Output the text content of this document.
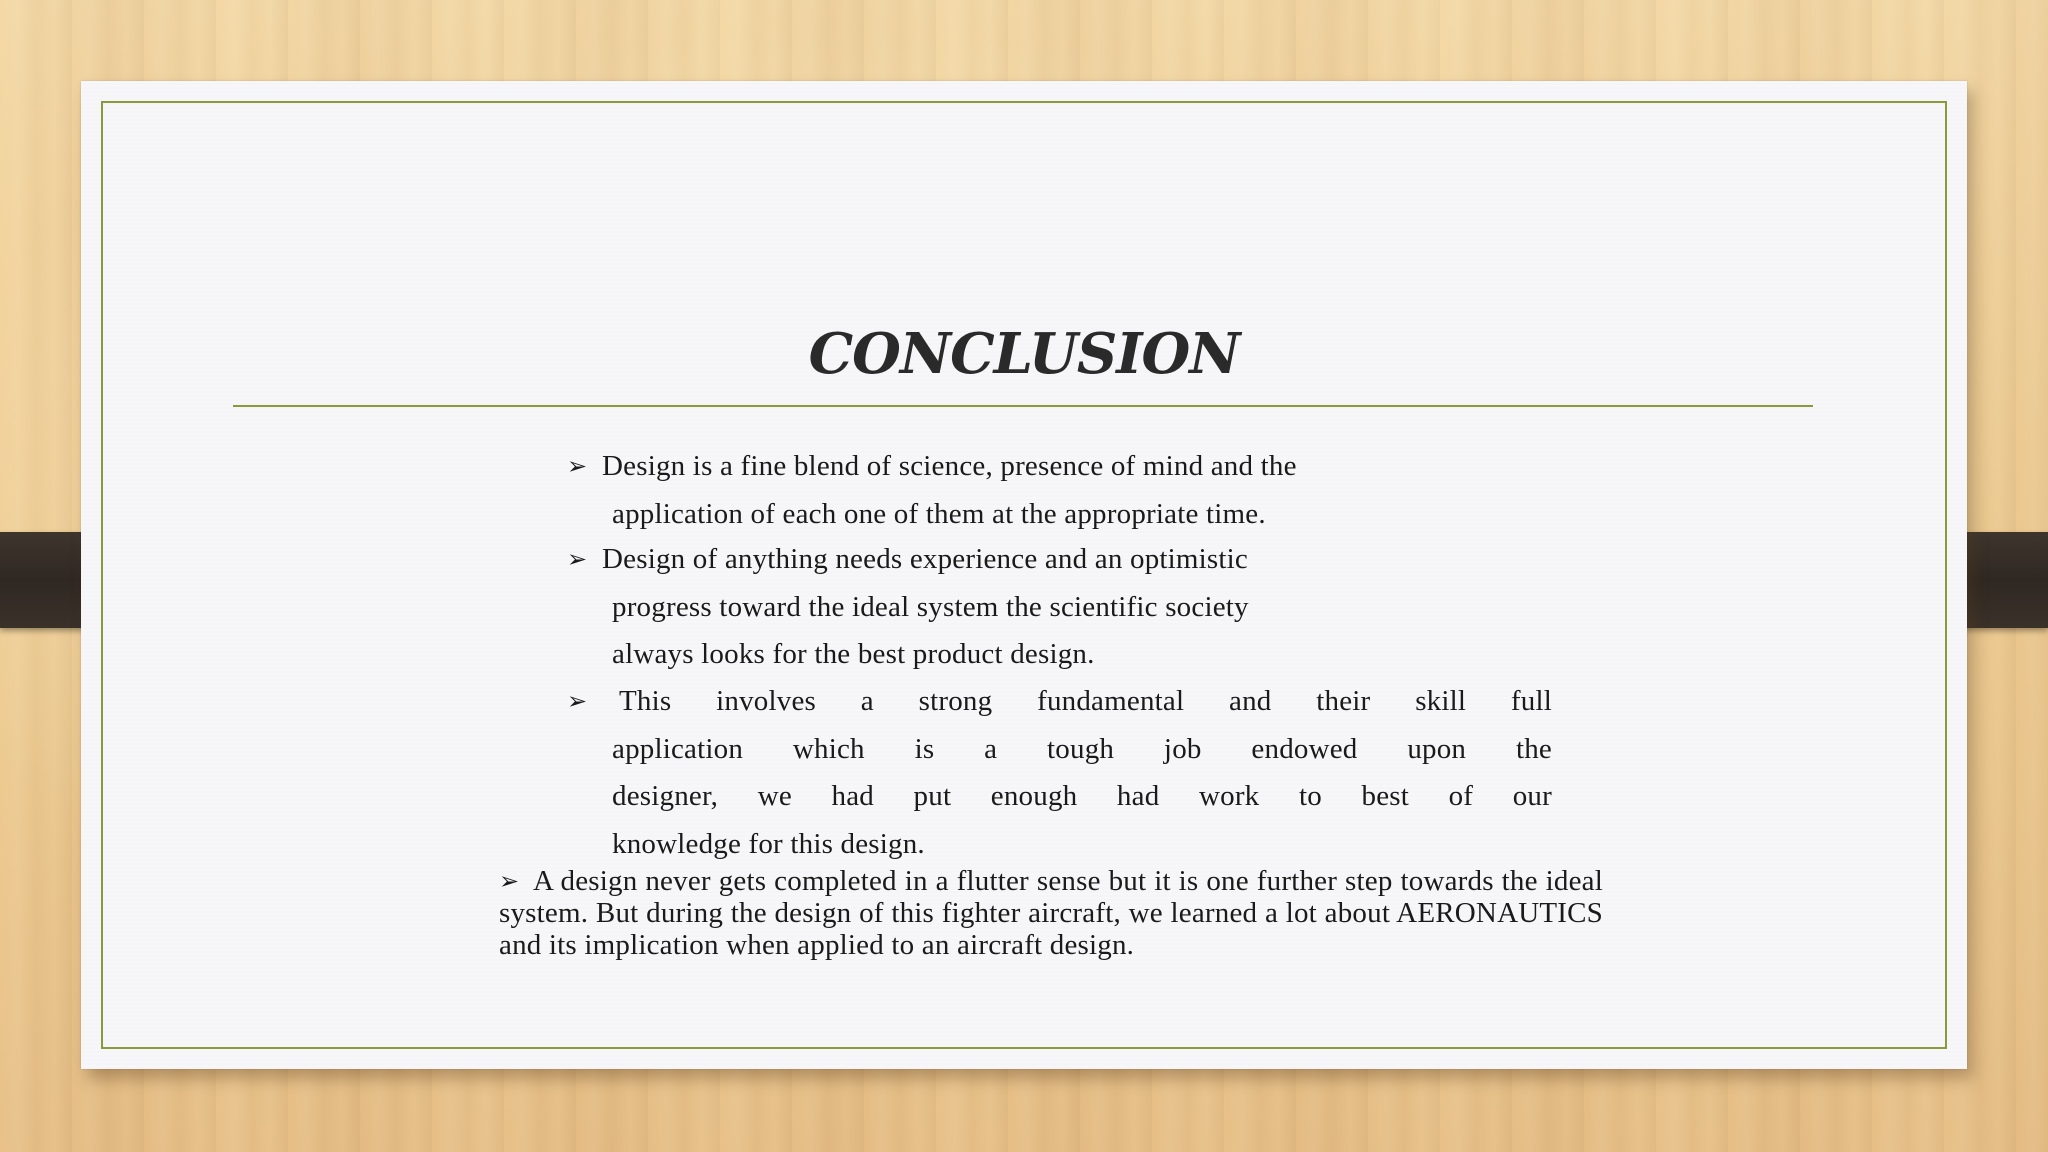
CONCLUSION
➢ Design is a fine blend of science, presence of mind and the
application of each one of them at the appropriate time.
➢ Design of anything needs experience and an optimistic
progress toward the ideal system the scientific society
always looks for the best product design.
➢	This involves a strong fundamental and their skill full
application which is a tough job endowed upon the
designer, we had put enough had work to best of our
knowledge for this design.
➢ A design never gets completed in a flutter sense but it is one further step towards the ideal system. But during the design of this fighter aircraft, we learned a lot about AERONAUTICS and its implication when applied to an aircraft design.
